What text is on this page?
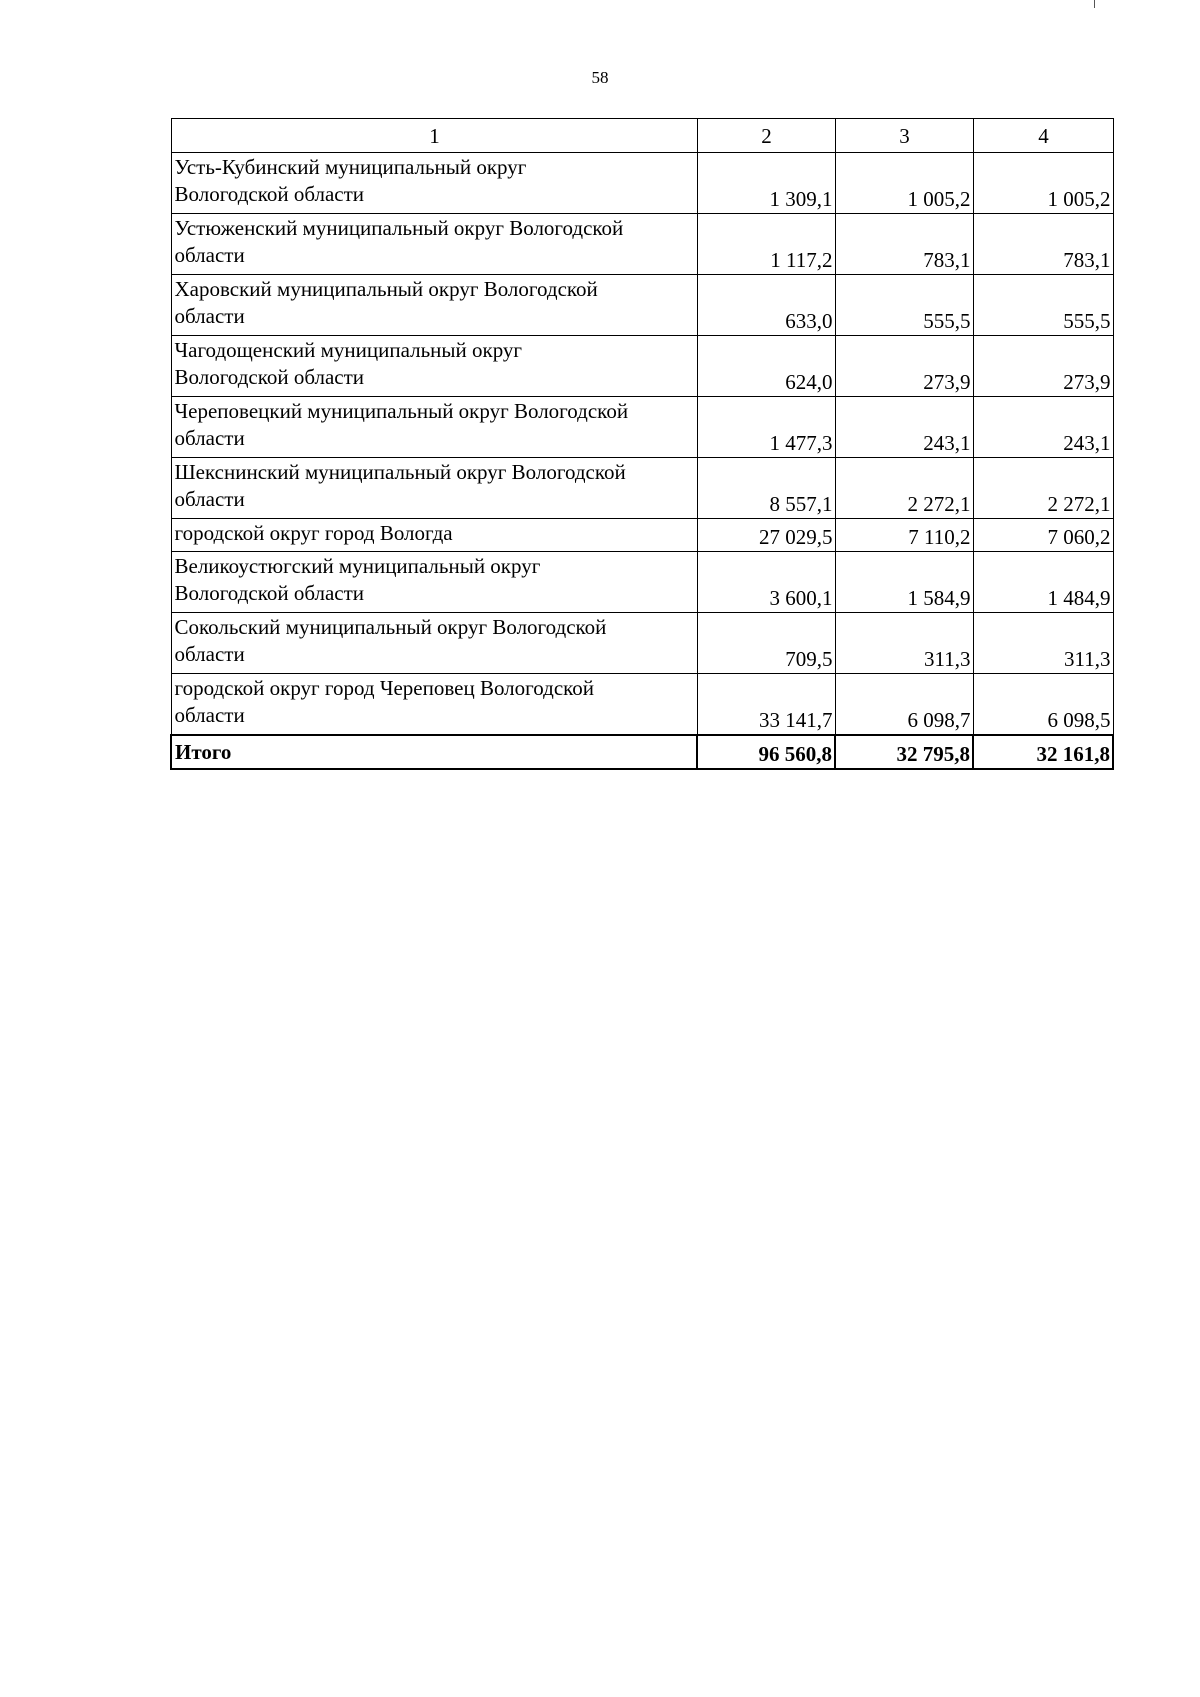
58
1	2	3	4

Усть-Кубинский муниципальный округ
Вологодской области	1 309,1	1 005,2	1 005,2

Устюженский муниципальный округ Вологодской
области	1 117,2	783,1	783,1

Харовский муниципальный округ Вологодской
области	633,0	555,5	555,5

Чагодощенский муниципальный округ
Вологодской области	624,0	273,9	273,9

Череповецкий муниципальный округ Вологодской
области	1 477,3	243,1	243,1

Шекснинский муниципальный округ Вологодской
области	8 557,1	2 272,1	2 272,1

городской округ город Вологда	27 029,5	7 110,2	7 060,2

Великоустюгский муниципальный округ
Вологодской области	3 600,1	1 584,9	1 484,9

Сокольский муниципальный округ Вологодской
области	709,5	311,3	311,3

городской округ город Череповец Вологодской
области	33 141,7	6 098,7	6 098,5
Итого	96 560,8	32 795,8	32 161,8
